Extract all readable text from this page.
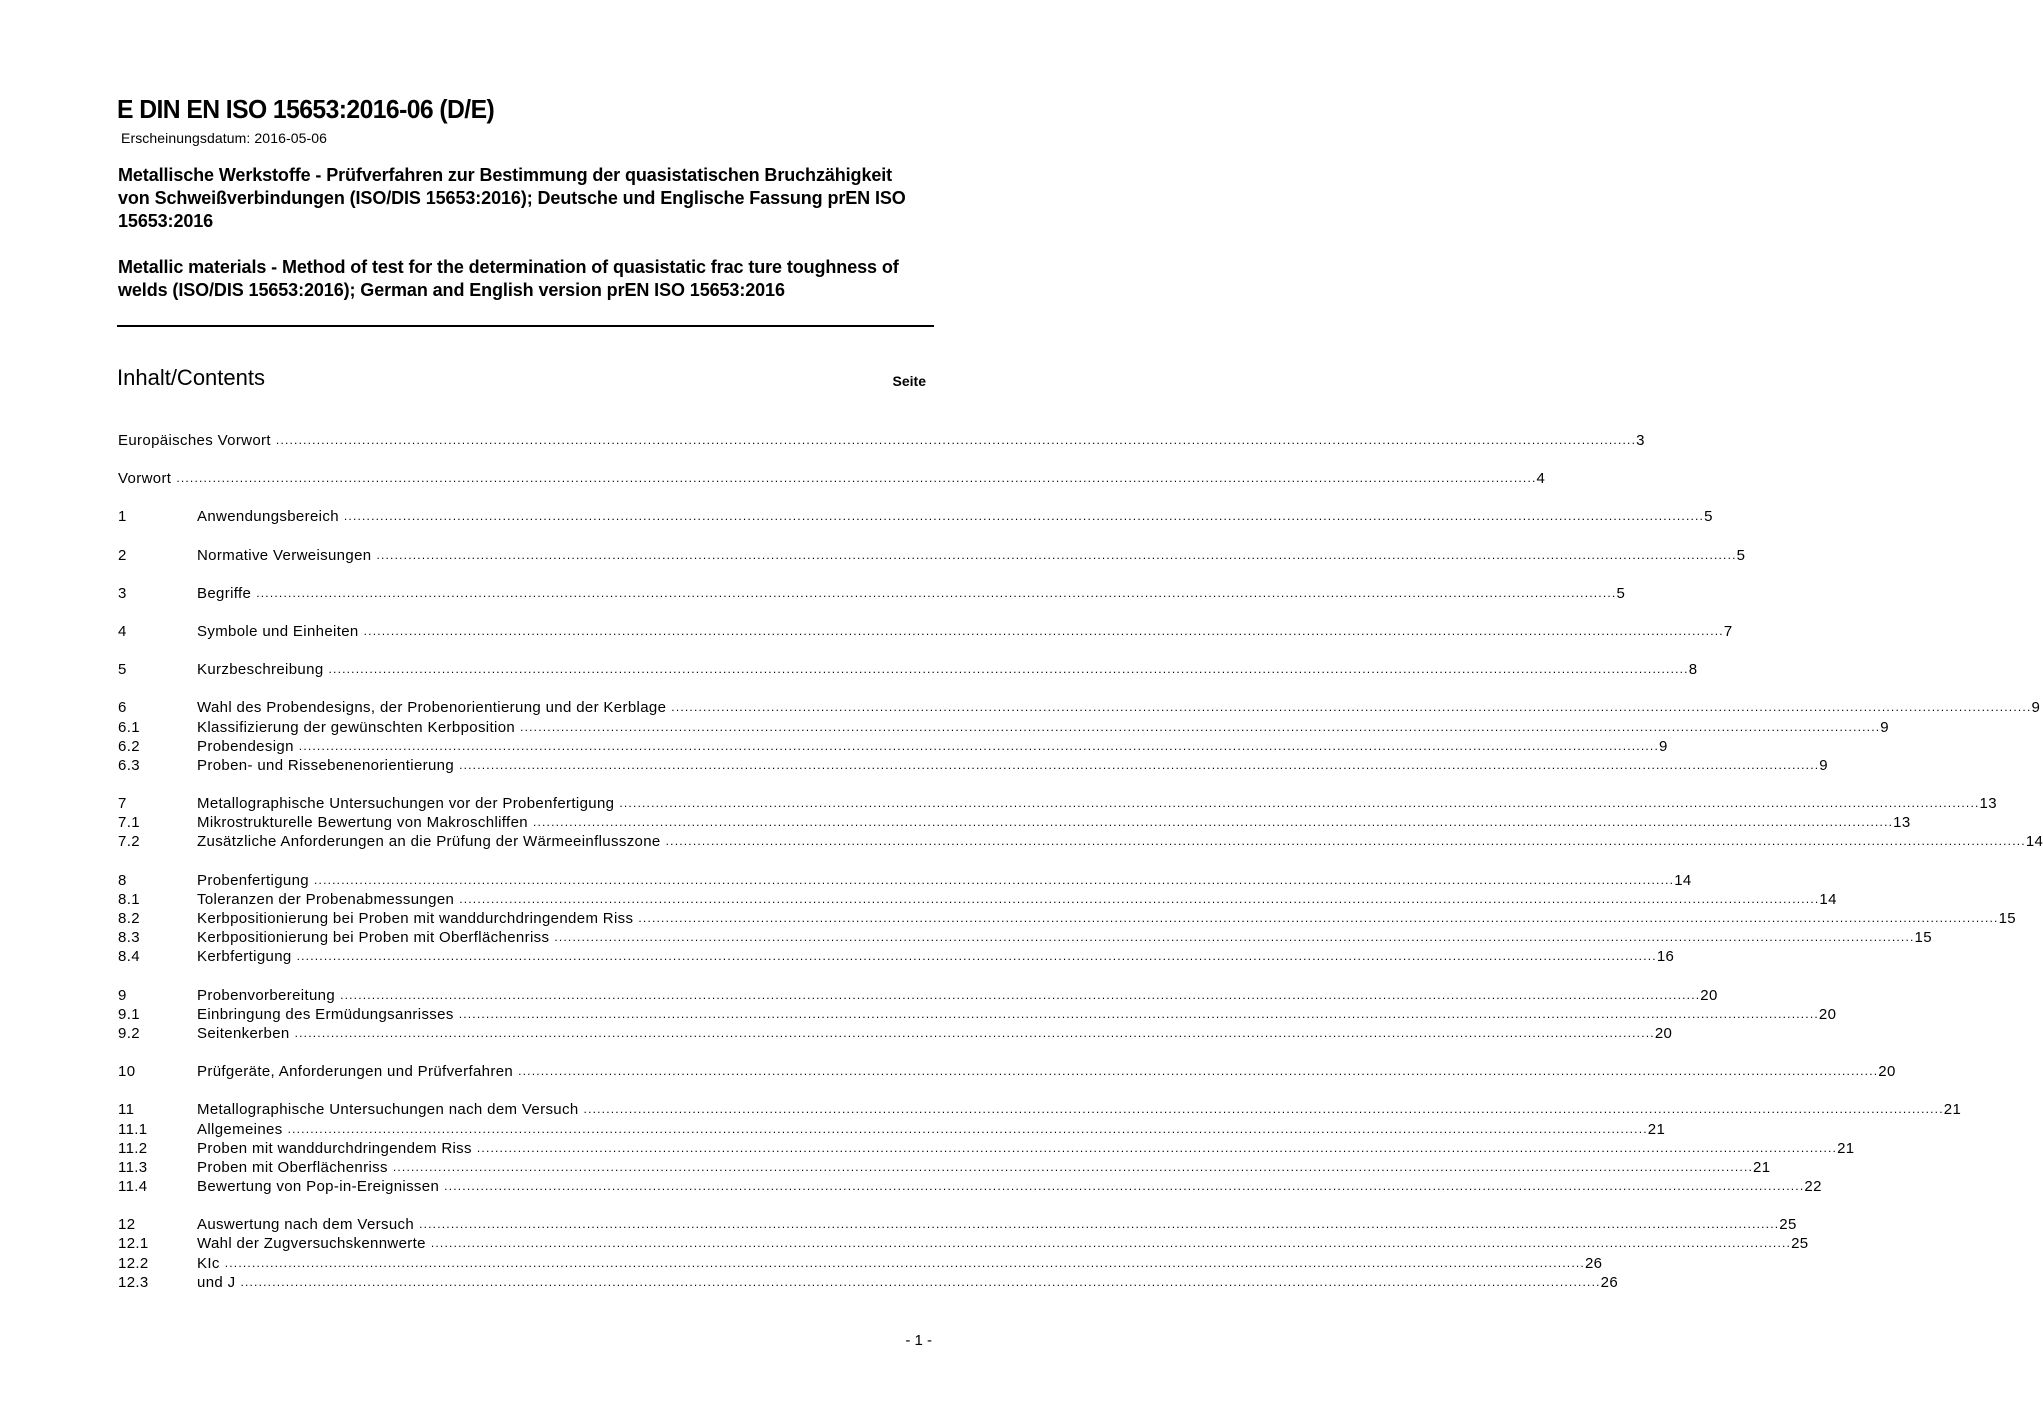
E DIN EN ISO 15653:2016-06 (D/E)
Erscheinungsdatum: 2016-05-06
Metallische Werkstoffe - Prüfverfahren zur Bestimmung der quasistatischen Bruchzähigkeit von Schweißverbindungen (ISO/DIS 15653:2016); Deutsche und Englische Fassung prEN ISO 15653:2016
Metallic materials - Method of test for the determination of quasistatic frac ture toughness of welds (ISO/DIS 15653:2016); German and English version prEN ISO 15653:2016
Inhalt/Contents	Seite
Europäisches Vorwort ............................................................................................................................................................................................................................................................................................................ 3
Vorwort ............................................................................................................................................................................................................................................................................................................ 4
1	Anwendungsbereich ............................................................................................................................................................................................................................................................................................................ 5
2	Normative Verweisungen ............................................................................................................................................................................................................................................................................................................ 5
3	Begriffe ............................................................................................................................................................................................................................................................................................................ 5
4	Symbole und Einheiten ............................................................................................................................................................................................................................................................................................................ 7
5	Kurzbeschreibung ............................................................................................................................................................................................................................................................................................................ 8
6	Wahl des Probendesigns, der Probenorientierung und der Kerblage ............................................................................................................................................................................................................................................................................................................ 9
6.1	Klassifizierung der gewünschten Kerbposition ............................................................................................................................................................................................................................................................................................................ 9
6.2	Probendesign ............................................................................................................................................................................................................................................................................................................ 9
6.3	Proben- und Rissebenenorientierung ............................................................................................................................................................................................................................................................................................................ 9
7	Metallographische Untersuchungen vor der Probenfertigung ............................................................................................................................................................................................................................................................................................................ 13
7.1	Mikrostrukturelle Bewertung von Makroschliffen ............................................................................................................................................................................................................................................................................................................ 13
7.2	Zusätzliche Anforderungen an die Prüfung der Wärmeeinflusszone ............................................................................................................................................................................................................................................................................................................ 14
8	Probenfertigung ............................................................................................................................................................................................................................................................................................................ 14
8.1	Toleranzen der Probenabmessungen ............................................................................................................................................................................................................................................................................................................ 14
8.2	Kerbpositionierung bei Proben mit wanddurchdringendem Riss ............................................................................................................................................................................................................................................................................................................ 15
8.3	Kerbpositionierung bei Proben mit Oberflächenriss ............................................................................................................................................................................................................................................................................................................ 15
8.4	Kerbfertigung ............................................................................................................................................................................................................................................................................................................ 16
9	Probenvorbereitung ............................................................................................................................................................................................................................................................................................................ 20
9.1	Einbringung des Ermüdungsanrisses ............................................................................................................................................................................................................................................................................................................ 20
9.2	Seitenkerben ............................................................................................................................................................................................................................................................................................................ 20
10	Prüfgeräte, Anforderungen und Prüfverfahren ............................................................................................................................................................................................................................................................................................................ 20
11	Metallographische Untersuchungen nach dem Versuch ............................................................................................................................................................................................................................................................................................................ 21
11.1	Allgemeines ............................................................................................................................................................................................................................................................................................................ 21
11.2	Proben mit wanddurchdringendem Riss ............................................................................................................................................................................................................................................................................................................ 21
11.3	Proben mit Oberflächenriss ............................................................................................................................................................................................................................................................................................................ 21
11.4	Bewertung von Pop-in-Ereignissen ............................................................................................................................................................................................................................................................................................................ 22
12	Auswertung nach dem Versuch ............................................................................................................................................................................................................................................................................................................ 25
12.1	Wahl der Zugversuchskennwerte ............................................................................................................................................................................................................................................................................................................ 25
12.2	KIc ............................................................................................................................................................................................................................................................................................................ 26
12.3	und J ............................................................................................................................................................................................................................................................................................................ 26
- 1 -
